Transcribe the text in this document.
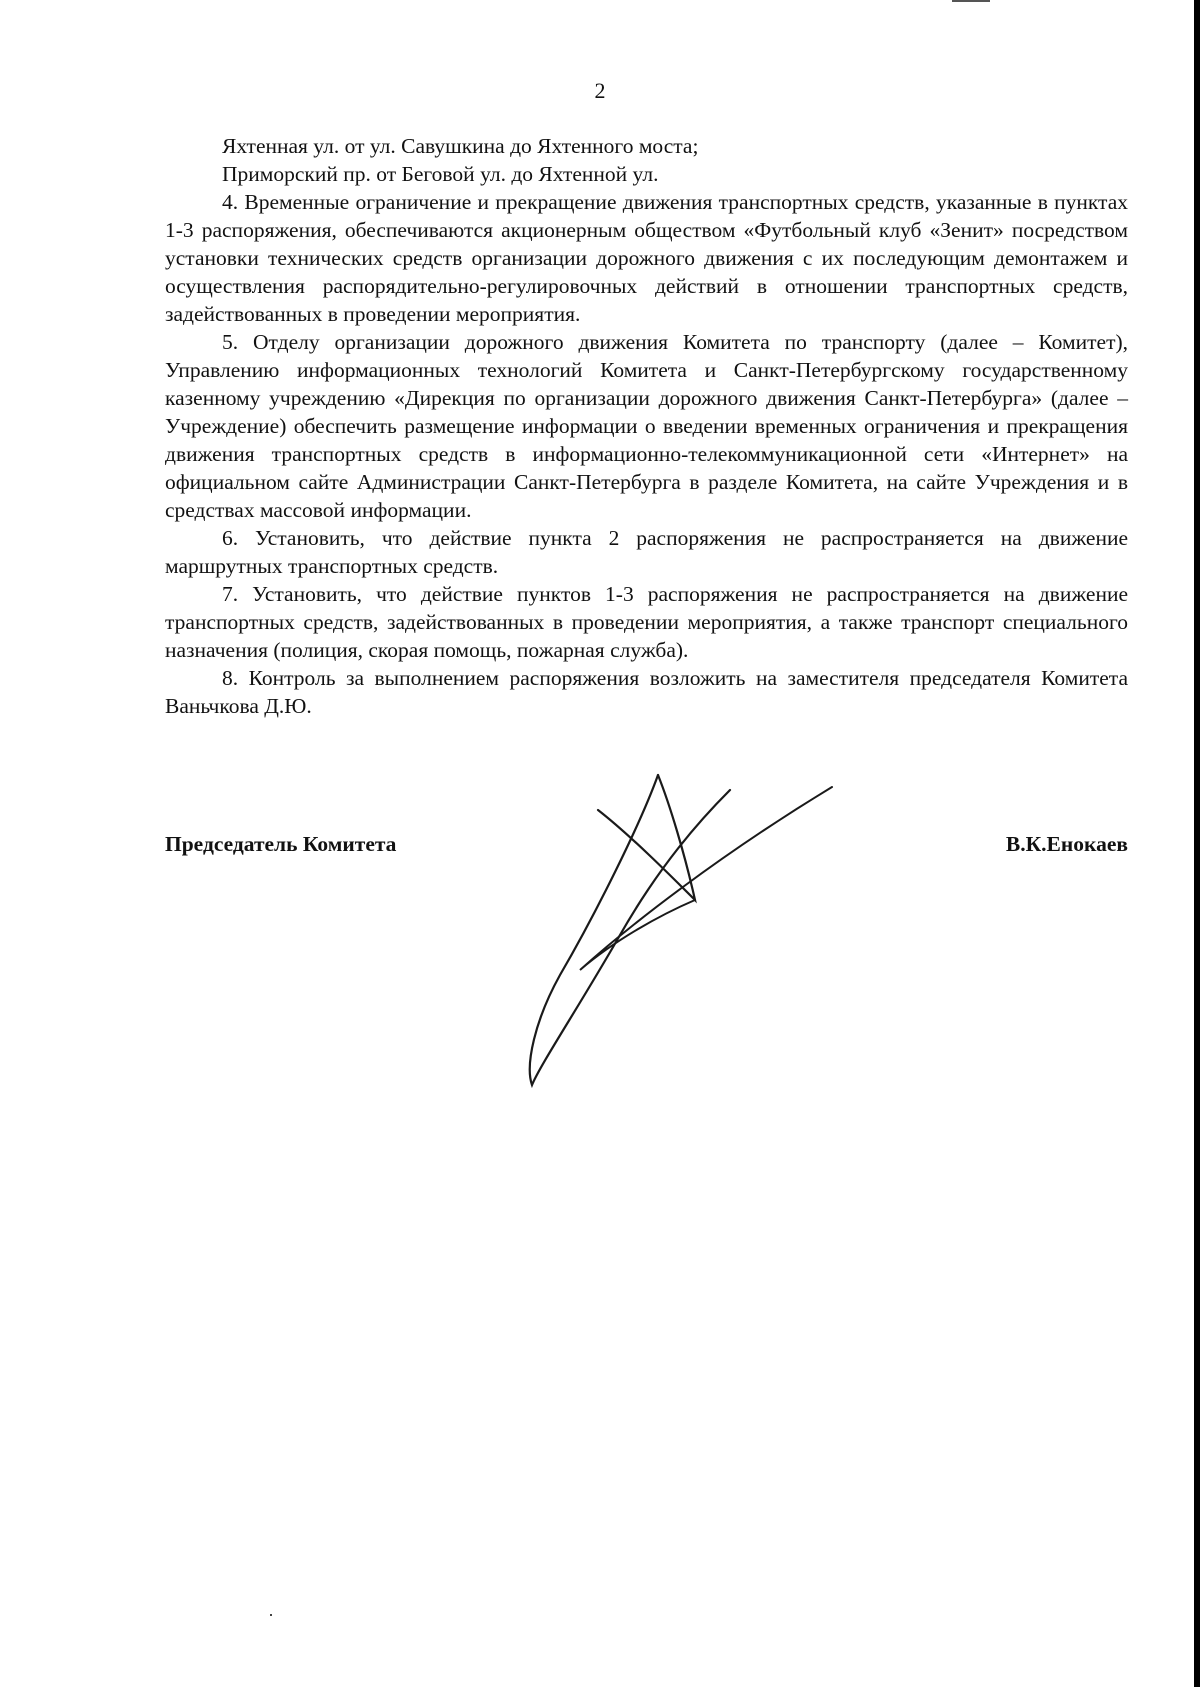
2

Яхтенная ул. от ул. Савушкина до Яхтенного моста;

Приморский пр. от Беговой ул. до Яхтенной ул.

4. Временные ограничение и прекращение движения транспортных средств, указанные в пунктах 1-3 распоряжения, обеспечиваются акционерным обществом «Футбольный клуб «Зенит» посредством установки технических средств организации дорожного движения с их последующим демонтажем и осуществления распорядительно-регулировочных действий в отношении транспортных средств, задействованных в проведении мероприятия.

5. Отделу организации дорожного движения Комитета по транспорту (далее – Комитет), Управлению информационных технологий Комитета и Санкт-Петербургскому государственному казенному учреждению «Дирекция по организации дорожного движения Санкт-Петербурга» (далее – Учреждение) обеспечить размещение информации о введении временных ограничения и прекращения движения транспортных средств в информационно-телекоммуникационной сети «Интернет» на официальном сайте Администрации Санкт-Петербурга в разделе Комитета, на сайте Учреждения и в средствах массовой информации.

6. Установить, что действие пункта 2 распоряжения не распространяется на движение маршрутных транспортных средств.

7. Установить, что действие пунктов 1-3 распоряжения не распространяется на движение транспортных средств, задействованных в проведении мероприятия, а также транспорт специального назначения (полиция, скорая помощь, пожарная служба).

8. Контроль за выполнением распоряжения возложить на заместителя председателя Комитета Ваньчкова Д.Ю.

Председатель Комитета	В.К.Енокаев
